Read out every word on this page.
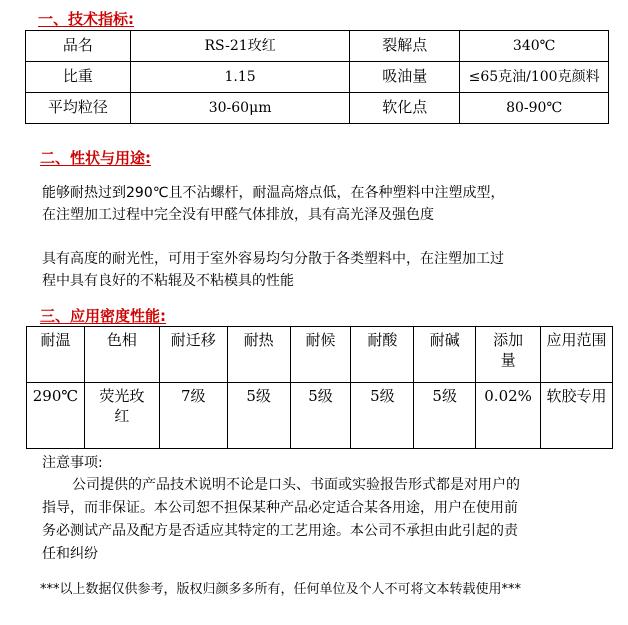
一、技术指标:
品名	RS-21玫红	裂解点	340℃
比重	1.15	吸油量	≤65克油/100克颜料
平均粒径	30-60μm	软化点	80-90℃
二、性状与用途:

能够耐热过到290℃且不沾螺杆，耐温高熔点低，在各种塑料中注塑成型，

在注塑加工过程中完全没有甲醛气体排放，具有高光泽及强色度

具有高度的耐光性，可用于室外容易均匀分散于各类塑料中，在注塑加工过

程中具有良好的不粘辊及不粘模具的性能

三、应用密度性能:
耐温	色相	耐迁移	耐热	耐候	耐酸	耐碱	添加量	应用范围
290℃	荧光玫红	7级	5级	5级	5级	5级	0.02%	软胶专用
注意事项:

公司提供的产品技术说明不论是口头、书面或实验报告形式都是对用户的

指导，而非保证。本公司恕不担保某种产品必定适合某各用途，用户在使用前

务必测试产品及配方是否适应其特定的工艺用途。本公司不承担由此引起的责

任和纠纷

***以上数据仅供参考，版权归颜多多所有，任何单位及个人不可将文本转载使用***
